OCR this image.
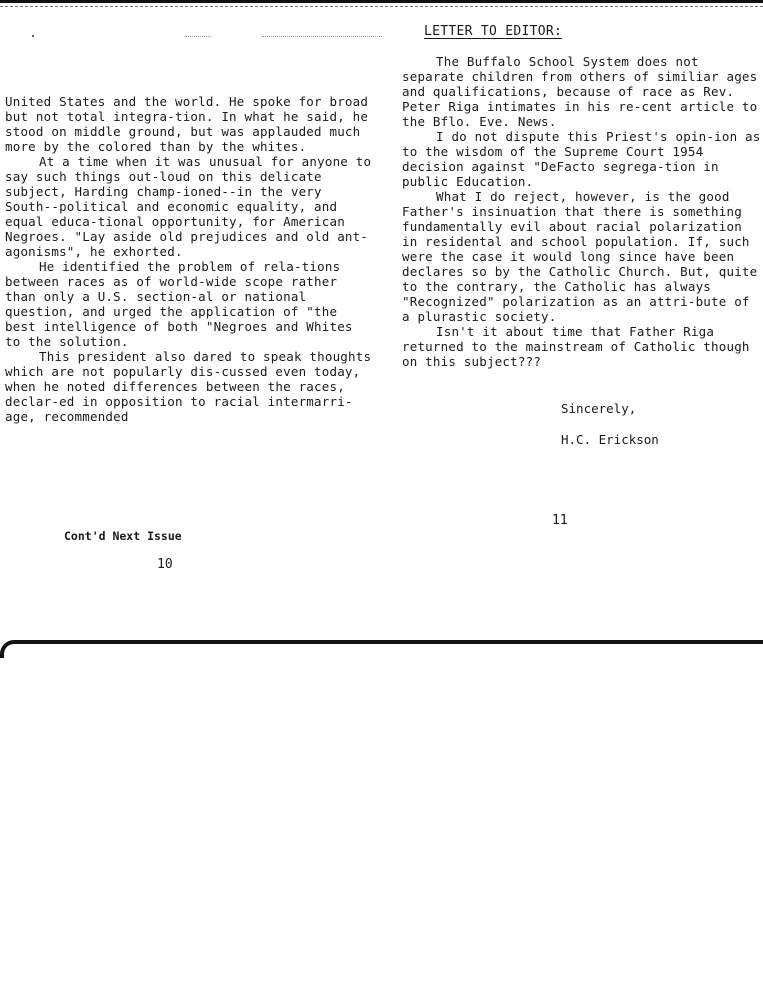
LETTER TO EDITOR:

United States and the world. He spoke for broad but not total integra-tion. In what he said, he stood on middle ground, but was applauded much more by the colored than by the whites.

At a time when it was unusual for anyone to say such things out-loud on this delicate subject, Harding champ-ioned--in the very South--political and economic equality, and equal educa-tional opportunity, for American Negroes. "Lay aside old prejudices and old ant-agonisms", he exhorted.

He identified the problem of rela-tions between races as of world-wide scope rather than only a U.S. section-al or national question, and urged the application of "the best intelligence of both "Negroes and Whites to the solution.

This president also dared to speak thoughts which are not popularly dis-cussed even today, when he noted differences between the races, declar-ed in opposition to racial intermarri-age, recommended

The Buffalo School System does not separate children from others of similiar ages and qualifications, because of race as Rev. Peter Riga intimates in his re-cent article to the Bflo. Eve. News.

I do not dispute this Priest's opin-ion as to the wisdom of the Supreme Court 1954 decision against "DeFacto segrega-tion in public Education.

What I do reject, however, is the good Father's insinuation that there is something fundamentally evil about racial polarization in residental and school population. If, such were the case it would long since have been declares so by the Catholic Church. But, quite to the contrary, the Catholic has always "Recognized" polarization as an attri-bute of a plurastic society.

Isn't it about time that Father Riga returned to the mainstream of Catholic though on this subject???

Sincerely,
H.C. Erickson
Cont'd Next Issue
10
11
